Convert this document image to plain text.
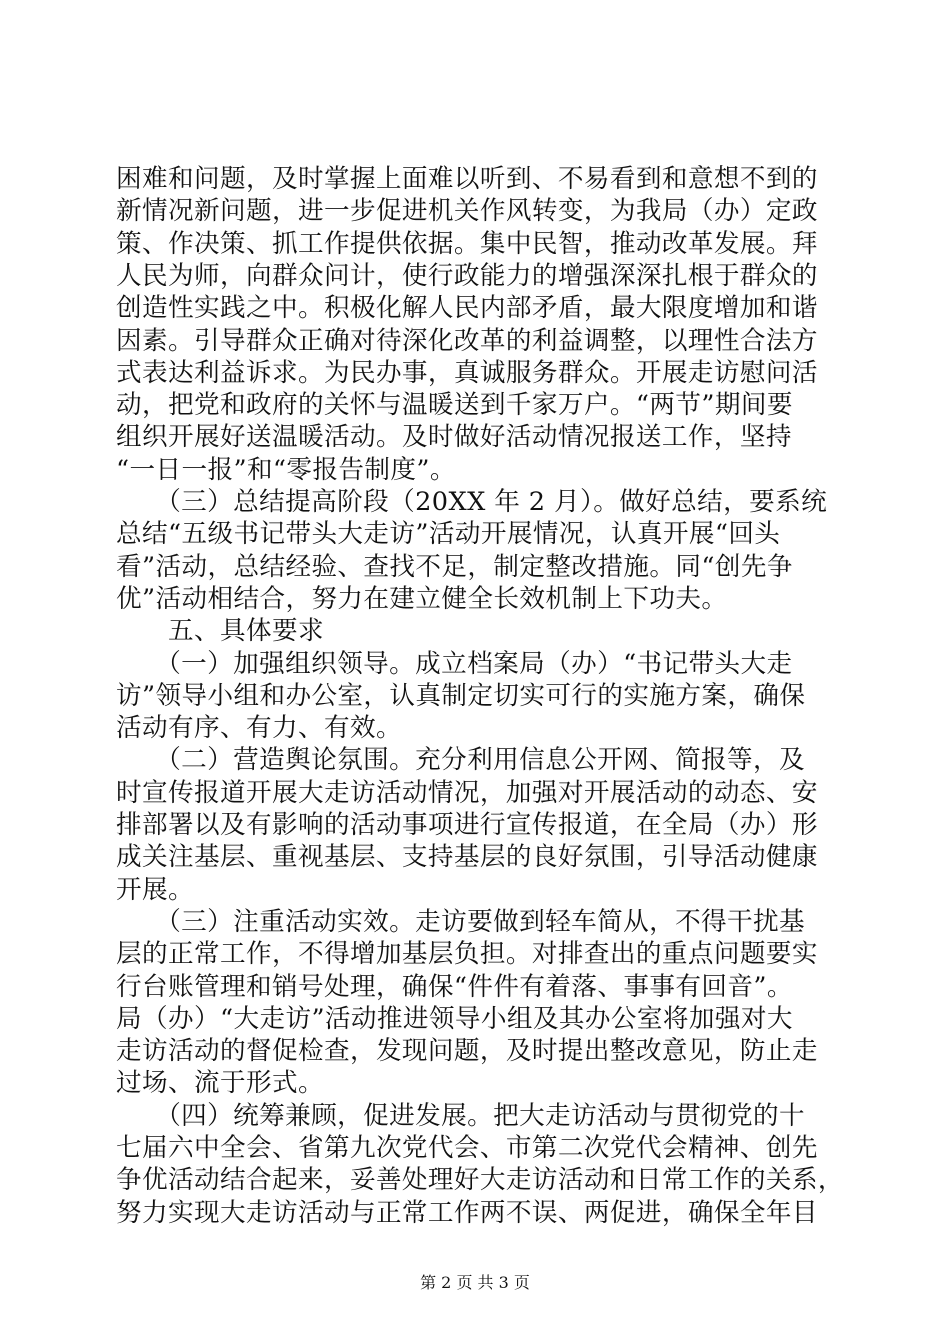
困难和问题，及时掌握上面难以听到、不易看到和意想不到的
新情况新问题，进一步促进机关作风转变，为我局（办）定政
策、作决策、抓工作提供依据。集中民智，推动改革发展。拜
人民为师，向群众问计，使行政能力的增强深深扎根于群众的
创造性实践之中。积极化解人民内部矛盾，最大限度增加和谐
因素。引导群众正确对待深化改革的利益调整，以理性合法方
式表达利益诉求。为民办事，真诚服务群众。开展走访慰问活
动，把党和政府的关怀与温暖送到千家万户。“两节”期间要
组织开展好送温暖活动。及时做好活动情况报送工作，坚持
“一日一报”和“零报告制度”。
　　（三）总结提高阶段（20XX 年 2 月）。做好总结，要系统
总结“五级书记带头大走访”活动开展情况，认真开展“回头
看”活动，总结经验、查找不足，制定整改措施。同“创先争
优”活动相结合，努力在建立健全长效机制上下功夫。
　　五、具体要求
　　（一）加强组织领导。成立档案局（办）“书记带头大走
访”领导小组和办公室，认真制定切实可行的实施方案，确保
活动有序、有力、有效。
　　（二）营造舆论氛围。充分利用信息公开网、简报等，及
时宣传报道开展大走访活动情况，加强对开展活动的动态、安
排部署以及有影响的活动事项进行宣传报道，在全局（办）形
成关注基层、重视基层、支持基层的良好氛围，引导活动健康
开展。
　　（三）注重活动实效。走访要做到轻车简从，不得干扰基
层的正常工作，不得增加基层负担。对排查出的重点问题要实
行台账管理和销号处理，确保“件件有着落、事事有回音”。
局（办）“大走访”活动推进领导小组及其办公室将加强对大
走访活动的督促检查，发现问题，及时提出整改意见，防止走
过场、流于形式。
　　（四）统筹兼顾，促进发展。把大走访活动与贯彻党的十
七届六中全会、省第九次党代会、市第二次党代会精神、创先
争优活动结合起来，妥善处理好大走访活动和日常工作的关系，
努力实现大走访活动与正常工作两不误、两促进，确保全年目
第 2 页 共 3 页
